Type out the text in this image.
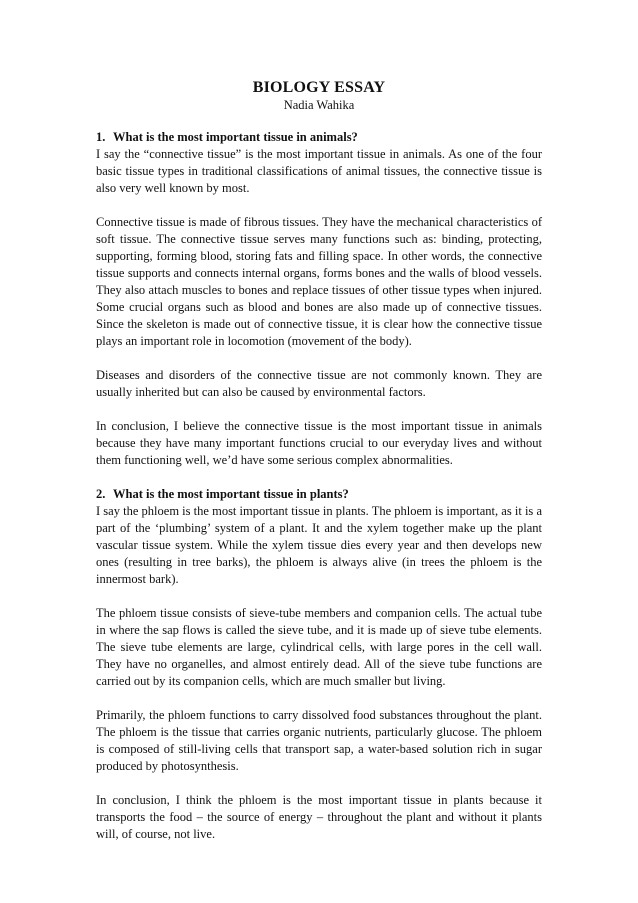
BIOLOGY ESSAY
Nadia Wahika
1. What is the most important tissue in animals?

I say the “connective tissue” is the most important tissue in animals. As one of the four basic tissue types in traditional classifications of animal tissues, the connective tissue is also very well known by most.

Connective tissue is made of fibrous tissues. They have the mechanical characteristics of soft tissue. The connective tissue serves many functions such as: binding, protecting, supporting, forming blood, storing fats and filling space. In other words, the connective tissue supports and connects internal organs, forms bones and the walls of blood vessels. They also attach muscles to bones and replace tissues of other tissue types when injured. Some crucial organs such as blood and bones are also made up of connective tissues. Since the skeleton is made out of connective tissue, it is clear how the connective tissue plays an important role in locomotion (movement of the body).

Diseases and disorders of the connective tissue are not commonly known. They are usually inherited but can also be caused by environmental factors.

In conclusion, I believe the connective tissue is the most important tissue in animals because they have many important functions crucial to our everyday lives and without them functioning well, we’d have some serious complex abnormalities.

2. What is the most important tissue in plants?

I say the phloem is the most important tissue in plants. The phloem is important, as it is a part of the ‘plumbing’ system of a plant. It and the xylem together make up the plant vascular tissue system. While the xylem tissue dies every year and then develops new ones (resulting in tree barks), the phloem is always alive (in trees the phloem is the innermost bark).

The phloem tissue consists of sieve-tube members and companion cells. The actual tube in where the sap flows is called the sieve tube, and it is made up of sieve tube elements. The sieve tube elements are large, cylindrical cells, with large pores in the cell wall. They have no organelles, and almost entirely dead. All of the sieve tube functions are carried out by its companion cells, which are much smaller but living.

Primarily, the phloem functions to carry dissolved food substances throughout the plant. The phloem is the tissue that carries organic nutrients, particularly glucose. The phloem is composed of still-living cells that transport sap, a water-based solution rich in sugar produced by photosynthesis.

In conclusion, I think the phloem is the most important tissue in plants because it transports the food – the source of energy – throughout the plant and without it plants will, of course, not live.
